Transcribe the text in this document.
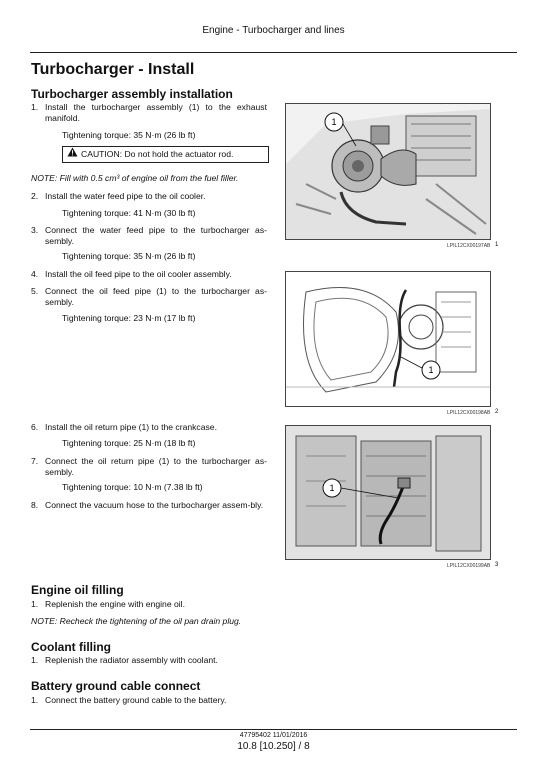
Engine - Turbocharger and lines
Turbocharger - Install
Turbocharger assembly installation
1. Install the turbocharger assembly (1) to the exhaust manifold.
Tightening torque: 35 N·m (26 lb ft)
CAUTION: Do not hold the actuator rod.
NOTE: Fill with 0.5 cm³ of engine oil from the fuel filler.
2. Install the water feed pipe to the oil cooler.
Tightening torque: 41 N·m (30 lb ft)
3. Connect the water feed pipe to the turbocharger as-sembly.
Tightening torque: 35 N·m (26 lb ft)
4. Install the oil feed pipe to the oil cooler assembly.
5. Connect the oil feed pipe (1) to the turbocharger as-sembly.
Tightening torque: 23 N·m (17 lb ft)
6. Install the oil return pipe (1) to the crankcase.
Tightening torque: 25 N·m (18 lb ft)
7. Connect the oil return pipe (1) to the turbocharger as-sembly.
Tightening torque: 10 N·m (7.38 lb ft)
8. Connect the vacuum hose to the turbocharger assem-bly.
1
LPIL12CX00197AB 1
1
LPIL12CX00198AB 2
1
LPIL12CX00199AB 3
Engine oil filling
1. Replenish the engine with engine oil.
NOTE: Recheck the tightening of the oil pan drain plug.
Coolant filling
1. Replenish the radiator assembly with coolant.
Battery ground cable connect
1. Connect the battery ground cable to the battery.
47795402 11/01/2016
10.8 [10.250] / 8
